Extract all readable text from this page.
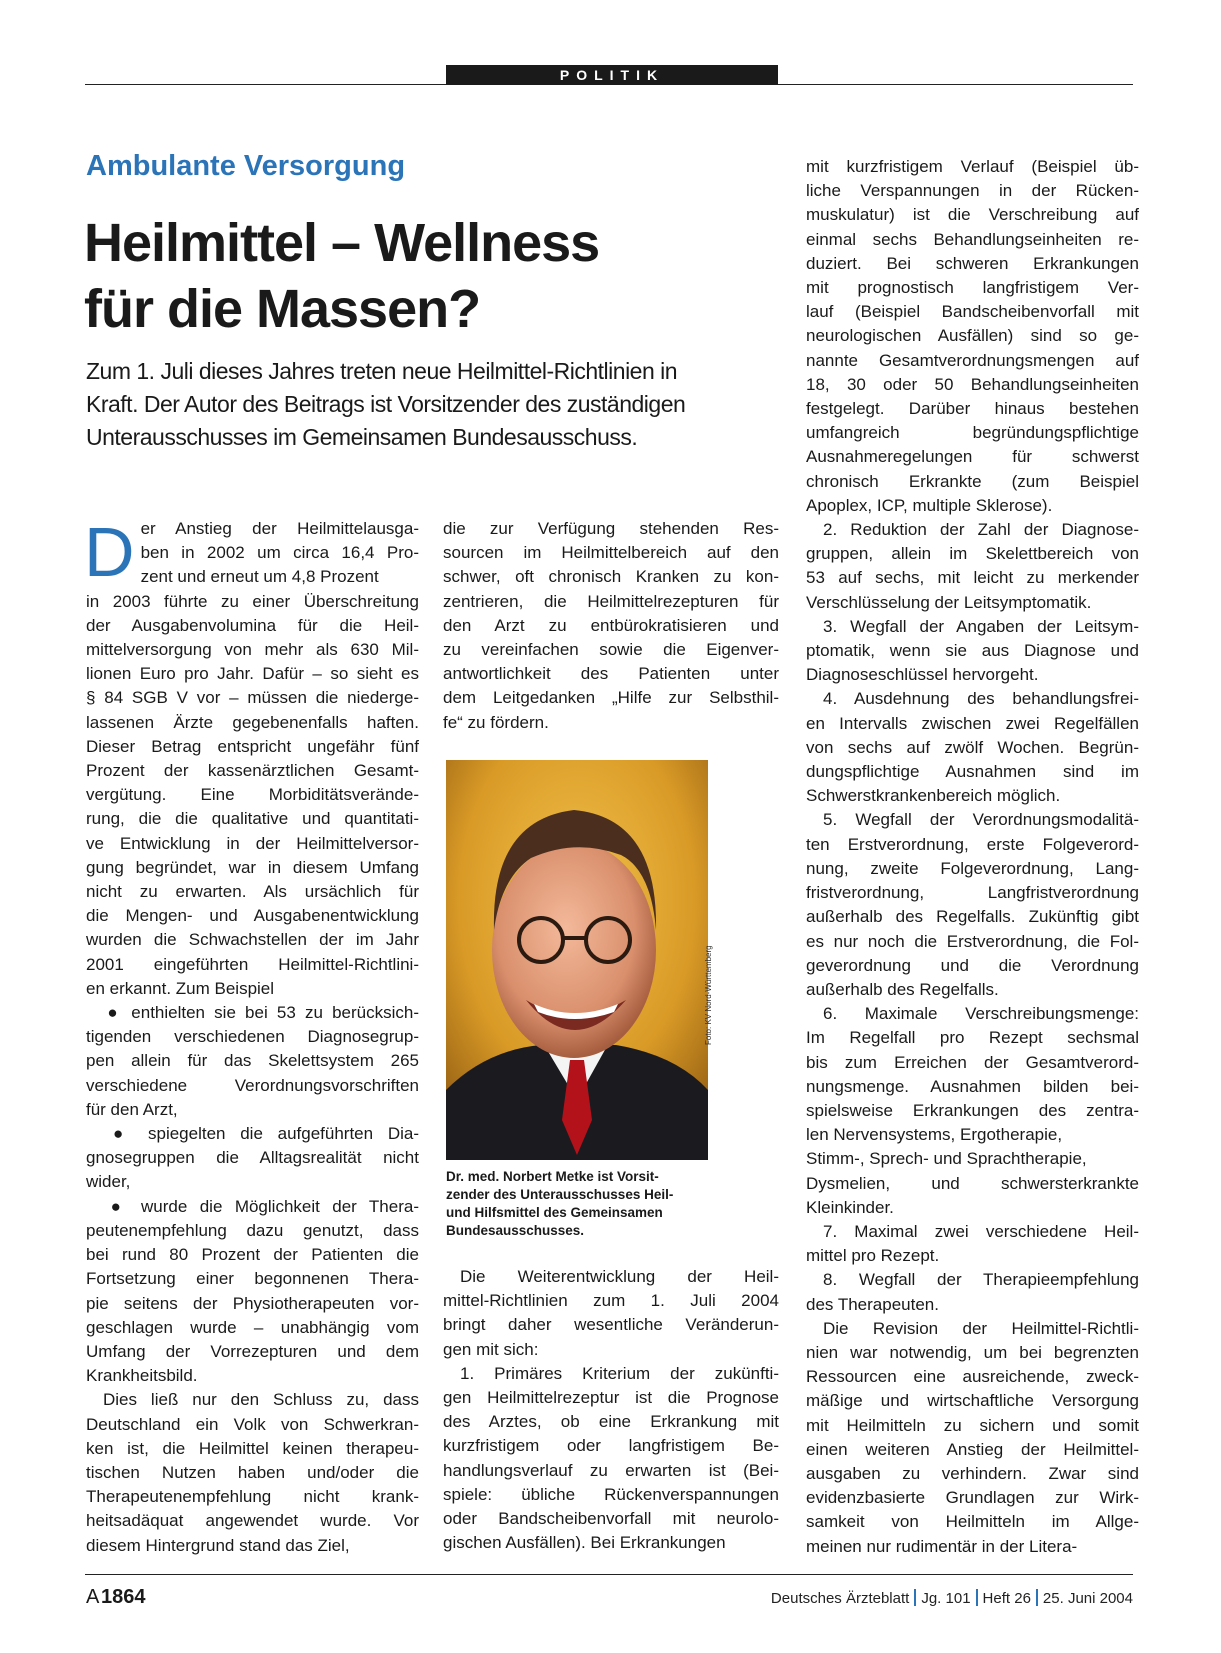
POLITIK
Ambulante Versorgung
Heilmittel – Wellness
für die Massen?
Zum 1. Juli dieses Jahres treten neue Heilmittel-Richtlinien in
Kraft. Der Autor des Beitrags ist Vorsitzender des zuständigen
Unterausschusses im Gemeinsamen Bundesausschuss.
D er Anstieg der Heilmittelausga-
ben in 2002 um circa 16,4 Pro-
zent und erneut um 4,8 Prozent
in 2003 führte zu einer Überschreitung
der Ausgabenvolumina für die Heil-
mittelversorgung von mehr als 630 Mil-
lionen Euro pro Jahr. Dafür – so sieht es
§ 84 SGB V vor – müssen die niederge-
lassenen Ärzte gegebenenfalls haften.
Dieser Betrag entspricht ungefähr fünf
Prozent der kassenärztlichen Gesamt-
vergütung. Eine Morbiditätsverände-
rung, die die qualitative und quantitati-
ve Entwicklung in der Heilmittelversor-
gung begründet, war in diesem Umfang
nicht zu erwarten. Als ursächlich für
die Mengen- und Ausgabenentwicklung
wurden die Schwachstellen der im Jahr
2001 eingeführten Heilmittel-Richtlini-
en erkannt. Zum Beispiel
 ● enthielten sie bei 53 zu berücksich-
tigenden verschiedenen Diagnosegrup-
pen allein für das Skelettsystem 265
verschiedene Verordnungsvorschriften
für den Arzt,
 ● spiegelten die aufgeführten Dia-
gnosegruppen die Alltagsrealität nicht
wider,
 ● wurde die Möglichkeit der Thera-
peutenempfehlung dazu genutzt, dass
bei rund 80 Prozent der Patienten die
Fortsetzung einer begonnenen Thera-
pie seitens der Physiotherapeuten vor-
geschlagen wurde – unabhängig vom
Umfang der Vorrezepturen und dem
Krankheitsbild.
 Dies ließ nur den Schluss zu, dass
Deutschland ein Volk von Schwerkran-
ken ist, die Heilmittel keinen therapeu-
tischen Nutzen haben und/oder die
Therapeutenempfehlung nicht krank-
heitsadäquat angewendet wurde. Vor
diesem Hintergrund stand das Ziel,
die zur Verfügung stehenden Res-
sourcen im Heilmittelbereich auf den
schwer, oft chronisch Kranken zu kon-
zentrieren, die Heilmittelrezepturen für
den Arzt zu entbürokratisieren und
zu vereinfachen sowie die Eigenver-
antwortlichkeit des Patienten unter
dem Leitgedanken „Hilfe zur Selbsthil-
fe“ zu fördern.
Foto: KV Nord-Württemberg
Dr. med. Norbert Metke ist Vorsit-
zender des Unterausschusses Heil-
und Hilfsmittel des Gemeinsamen
Bundesausschusses.
 Die Weiterentwicklung der Heil-
mittel-Richtlinien zum 1. Juli 2004
bringt daher wesentliche Veränderun-
gen mit sich:
 1. Primäres Kriterium der zukünfti-
gen Heilmittelrezeptur ist die Prognose
des Arztes, ob eine Erkrankung mit
kurzfristigem oder langfristigem Be-
handlungsverlauf zu erwarten ist (Bei-
spiele: übliche Rückenverspannungen
oder Bandscheibenvorfall mit neurolo-
gischen Ausfällen). Bei Erkrankungen
mit kurzfristigem Verlauf (Beispiel üb-
liche Verspannungen in der Rücken-
muskulatur) ist die Verschreibung auf
einmal sechs Behandlungseinheiten re-
duziert. Bei schweren Erkrankungen
mit prognostisch langfristigem Ver-
lauf (Beispiel Bandscheibenvorfall mit
neurologischen Ausfällen) sind so ge-
nannte Gesamtverordnungsmengen auf
18, 30 oder 50 Behandlungseinheiten
festgelegt. Darüber hinaus bestehen
umfangreich begründungspflichtige
Ausnahmeregelungen für schwerst
chronisch Erkrankte (zum Beispiel
Apoplex, ICP, multiple Sklerose).
 2. Reduktion der Zahl der Diagnose-
gruppen, allein im Skelettbereich von
53 auf sechs, mit leicht zu merkender
Verschlüsselung der Leitsymptomatik.
 3. Wegfall der Angaben der Leitsym-
ptomatik, wenn sie aus Diagnose und
Diagnoseschlüssel hervorgeht.
 4. Ausdehnung des behandlungsfrei-
en Intervalls zwischen zwei Regelfällen
von sechs auf zwölf Wochen. Begrün-
dungspflichtige Ausnahmen sind im
Schwerstkrankenbereich möglich.
 5. Wegfall der Verordnungsmodalitä-
ten Erstverordnung, erste Folgeverord-
nung, zweite Folgeverordnung, Lang-
fristverordnung, Langfristverordnung
außerhalb des Regelfalls. Zukünftig gibt
es nur noch die Erstverordnung, die Fol-
geverordnung und die Verordnung
außerhalb des Regelfalls.
 6. Maximale Verschreibungsmenge:
Im Regelfall pro Rezept sechsmal
bis zum Erreichen der Gesamtverord-
nungsmenge. Ausnahmen bilden bei-
spielsweise Erkrankungen des zentra-
len Nervensystems, Ergotherapie,
Stimm-, Sprech- und Sprachtherapie,
Dysmelien, und schwersterkrankte
Kleinkinder.
 7. Maximal zwei verschiedene Heil-
mittel pro Rezept.
 8. Wegfall der Therapieempfehlung
des Therapeuten.
 Die Revision der Heilmittel-Richtli-
nien war notwendig, um bei begrenzten
Ressourcen eine ausreichende, zweck-
mäßige und wirtschaftliche Versorgung
mit Heilmitteln zu sichern und somit
einen weiteren Anstieg der Heilmittel-
ausgaben zu verhindern. Zwar sind
evidenzbasierte Grundlagen zur Wirk-
samkeit von Heilmitteln im Allge-
meinen nur rudimentär in der Litera-
A 1864	Deutsches Ärzteblatt Jg. 101 Heft 26 25. Juni 2004
